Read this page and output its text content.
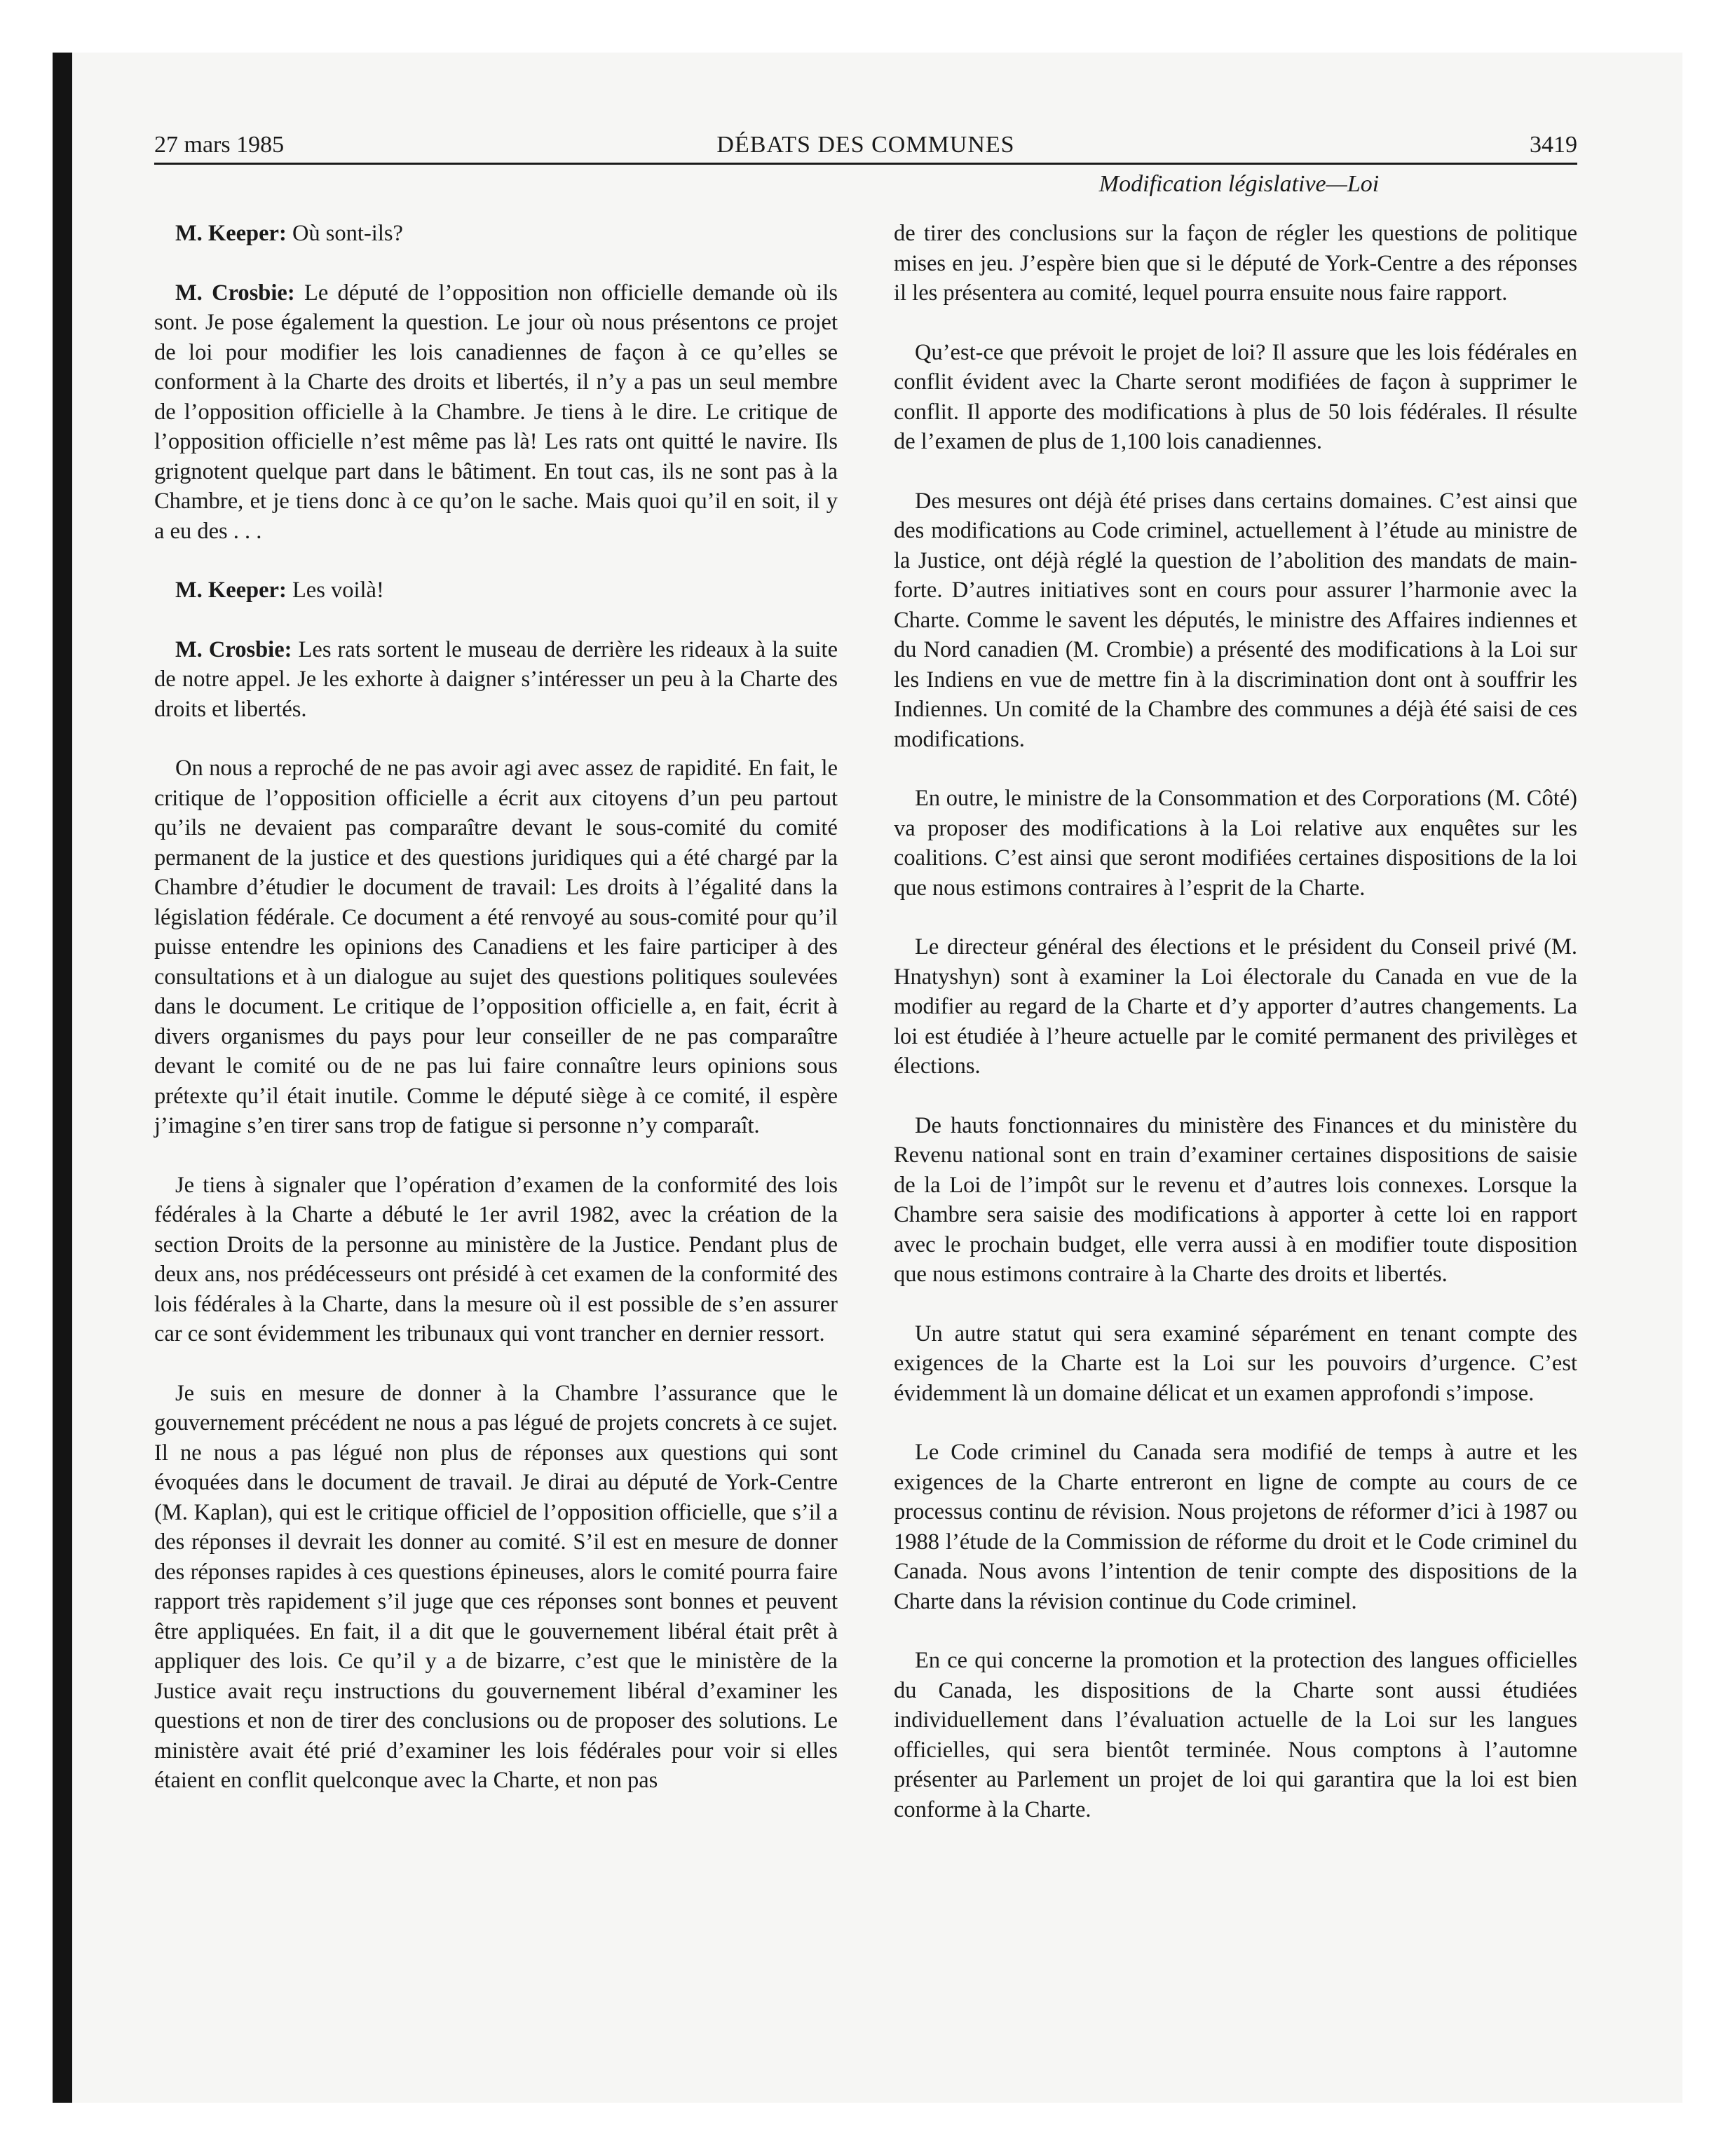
27 mars 1985	DÉBATS DES COMMUNES	3419
Modification législative—Loi

M. Keeper: Où sont-ils?

M. Crosbie: Le député de l’opposition non officielle demande où ils sont. Je pose également la question. Le jour où nous présentons ce projet de loi pour modifier les lois canadiennes de façon à ce qu’elles se conforment à la Charte des droits et libertés, il n’y a pas un seul membre de l’opposition officielle à la Chambre. Je tiens à le dire. Le critique de l’opposition officielle n’est même pas là! Les rats ont quitté le navire. Ils grignotent quelque part dans le bâtiment. En tout cas, ils ne sont pas à la Chambre, et je tiens donc à ce qu’on le sache. Mais quoi qu’il en soit, il y a eu des . . .

M. Keeper: Les voilà!

M. Crosbie: Les rats sortent le museau de derrière les rideaux à la suite de notre appel. Je les exhorte à daigner s’intéresser un peu à la Charte des droits et libertés.

On nous a reproché de ne pas avoir agi avec assez de rapidité. En fait, le critique de l’opposition officielle a écrit aux citoyens d’un peu partout qu’ils ne devaient pas comparaître devant le sous-comité du comité permanent de la justice et des questions juridiques qui a été chargé par la Chambre d’étudier le document de travail: Les droits à l’égalité dans la législation fédérale. Ce document a été renvoyé au sous-comité pour qu’il puisse entendre les opinions des Canadiens et les faire participer à des consultations et à un dialogue au sujet des questions politiques soulevées dans le document. Le critique de l’opposition officielle a, en fait, écrit à divers organismes du pays pour leur conseiller de ne pas comparaître devant le comité ou de ne pas lui faire connaître leurs opinions sous prétexte qu’il était inutile. Comme le député siège à ce comité, il espère j’imagine s’en tirer sans trop de fatigue si personne n’y comparaît.

Je tiens à signaler que l’opération d’examen de la conformité des lois fédérales à la Charte a débuté le 1er avril 1982, avec la création de la section Droits de la personne au ministère de la Justice. Pendant plus de deux ans, nos prédécesseurs ont présidé à cet examen de la conformité des lois fédérales à la Charte, dans la mesure où il est possible de s’en assurer car ce sont évidemment les tribunaux qui vont trancher en dernier ressort.

Je suis en mesure de donner à la Chambre l’assurance que le gouvernement précédent ne nous a pas légué de projets concrets à ce sujet. Il ne nous a pas légué non plus de réponses aux questions qui sont évoquées dans le document de travail. Je dirai au député de York-Centre (M. Kaplan), qui est le critique officiel de l’opposition officielle, que s’il a des réponses il devrait les donner au comité. S’il est en mesure de donner des réponses rapides à ces questions épineuses, alors le comité pourra faire rapport très rapidement s’il juge que ces réponses sont bonnes et peuvent être appliquées. En fait, il a dit que le gouvernement libéral était prêt à appliquer des lois. Ce qu’il y a de bizarre, c’est que le ministère de la Justice avait reçu instructions du gouvernement libéral d’examiner les questions et non de tirer des conclusions ou de proposer des solutions. Le ministère avait été prié d’examiner les lois fédérales pour voir si elles étaient en conflit quelconque avec la Charte, et non pas

de tirer des conclusions sur la façon de régler les questions de politique mises en jeu. J’espère bien que si le député de York-Centre a des réponses il les présentera au comité, lequel pourra ensuite nous faire rapport.

Qu’est-ce que prévoit le projet de loi? Il assure que les lois fédérales en conflit évident avec la Charte seront modifiées de façon à supprimer le conflit. Il apporte des modifications à plus de 50 lois fédérales. Il résulte de l’examen de plus de 1,100 lois canadiennes.

Des mesures ont déjà été prises dans certains domaines. C’est ainsi que des modifications au Code criminel, actuellement à l’étude au ministre de la Justice, ont déjà réglé la question de l’abolition des mandats de main-forte. D’autres initiatives sont en cours pour assurer l’harmonie avec la Charte. Comme le savent les députés, le ministre des Affaires indiennes et du Nord canadien (M. Crombie) a présenté des modifications à la Loi sur les Indiens en vue de mettre fin à la discrimination dont ont à souffrir les Indiennes. Un comité de la Chambre des communes a déjà été saisi de ces modifications.

En outre, le ministre de la Consommation et des Corporations (M. Côté) va proposer des modifications à la Loi relative aux enquêtes sur les coalitions. C’est ainsi que seront modifiées certaines dispositions de la loi que nous estimons contraires à l’esprit de la Charte.

Le directeur général des élections et le président du Conseil privé (M. Hnatyshyn) sont à examiner la Loi électorale du Canada en vue de la modifier au regard de la Charte et d’y apporter d’autres changements. La loi est étudiée à l’heure actuelle par le comité permanent des privilèges et élections.

De hauts fonctionnaires du ministère des Finances et du ministère du Revenu national sont en train d’examiner certaines dispositions de saisie de la Loi de l’impôt sur le revenu et d’autres lois connexes. Lorsque la Chambre sera saisie des modifications à apporter à cette loi en rapport avec le prochain budget, elle verra aussi à en modifier toute disposition que nous estimons contraire à la Charte des droits et libertés.

Un autre statut qui sera examiné séparément en tenant compte des exigences de la Charte est la Loi sur les pouvoirs d’urgence. C’est évidemment là un domaine délicat et un examen approfondi s’impose.

Le Code criminel du Canada sera modifié de temps à autre et les exigences de la Charte entreront en ligne de compte au cours de ce processus continu de révision. Nous projetons de réformer d’ici à 1987 ou 1988 l’étude de la Commission de réforme du droit et le Code criminel du Canada. Nous avons l’intention de tenir compte des dispositions de la Charte dans la révision continue du Code criminel.

En ce qui concerne la promotion et la protection des langues officielles du Canada, les dispositions de la Charte sont aussi étudiées individuellement dans l’évaluation actuelle de la Loi sur les langues officielles, qui sera bientôt terminée. Nous comptons à l’automne présenter au Parlement un projet de loi qui garantira que la loi est bien conforme à la Charte.
